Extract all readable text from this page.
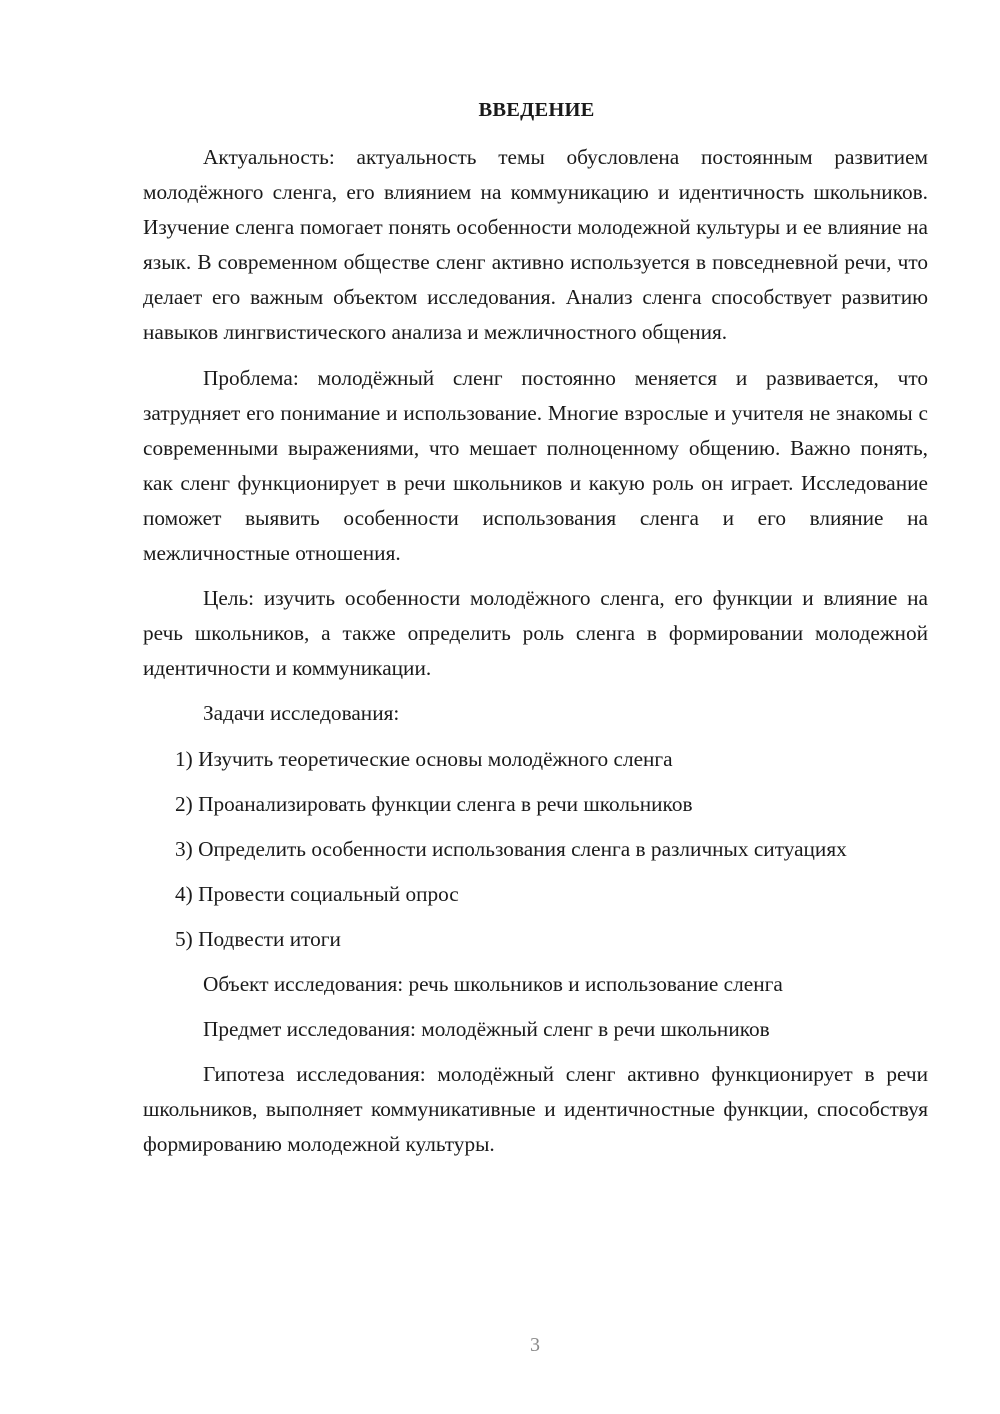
ВВЕДЕНИЕ

Актуальность: актуальность темы обусловлена постоянным развитием молодёжного сленга, его влиянием на коммуникацию и идентичность школьников. Изучение сленга помогает понять особенности молодежной культуры и ее влияние на язык. В современном обществе сленг активно используется в повседневной речи, что делает его важным объектом исследования. Анализ сленга способствует развитию навыков лингвистического анализа и межличностного общения.

Проблема: молодёжный сленг постоянно меняется и развивается, что затрудняет его понимание и использование. Многие взрослые и учителя не знакомы с современными выражениями, что мешает полноценному общению. Важно понять, как сленг функционирует в речи школьников и какую роль он играет. Исследование поможет выявить особенности использования сленга и его влияние на межличностные отношения.

Цель: изучить особенности молодёжного сленга, его функции и влияние на речь школьников, а также определить роль сленга в формировании молодежной идентичности и коммуникации.

Задачи исследования:

1) Изучить теоретические основы молодёжного сленга

2) Проанализировать функции сленга в речи школьников

3) Определить особенности использования сленга в различных ситуациях

4) Провести социальный опрос

5) Подвести итоги

Объект исследования: речь школьников и использование сленга

Предмет исследования: молодёжный сленг в речи школьников

Гипотеза исследования: молодёжный сленг активно функционирует в речи школьников, выполняет коммуникативные и идентичностные функции, способствуя формированию молодежной культуры.

3
